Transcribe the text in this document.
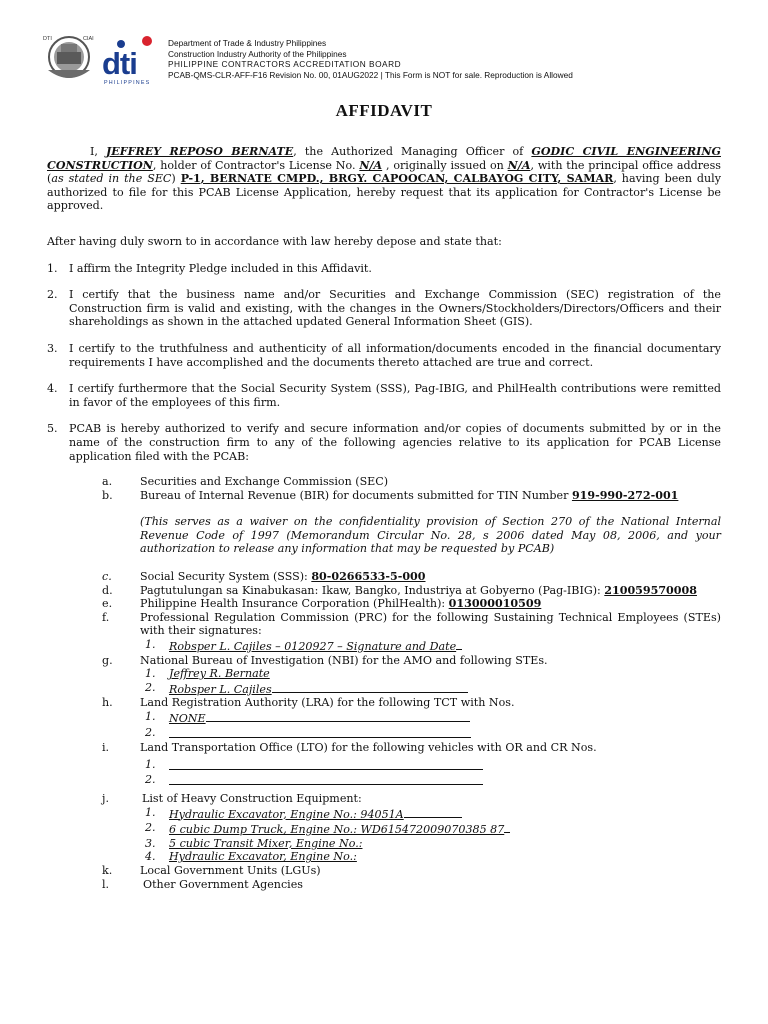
DTI	CIAI
dti
PHILIPPINES
Department of Trade & Industry Philippines
Construction Industry Authority of the Philippines
PHILIPPINE CONTRACTORS ACCREDITATION BOARD
PCAB-QMS-CLR-AFF-F16 Revision No. 00, 01AUG2022 | This Form is NOT for sale. Reproduction is Allowed
AFFIDAVIT

I, JEFFREY REPOSO BERNATE, the Authorized Managing Officer of GODIC CIVIL ENGINEERING CONSTRUCTION, holder of Contractor's License No. N/A , originally issued on N/A, with the principal office address (as stated in the SEC) P-1, BERNATE CMPD., BRGY. CAPOOCAN, CALBAYOG CITY, SAMAR, having been duly authorized to file for this PCAB License Application, hereby request that its application for Contractor's License be approved.

After having duly sworn to in accordance with law hereby depose and state that:

1. I affirm the Integrity Pledge included in this Affidavit.
2. I certify that the business name and/or Securities and Exchange Commission (SEC) registration of the Construction firm is valid and existing, with the changes in the Owners/Stockholders/Directors/Officers and their shareholdings as shown in the attached updated General Information Sheet (GIS).
3. I certify to the truthfulness and authenticity of all information/documents encoded in the financial documentary requirements I have accomplished and the documents thereto attached are true and correct.
4. I certify furthermore that the Social Security System (SSS), Pag-IBIG, and PhilHealth contributions were remitted in favor of the employees of this firm.
5. PCAB is hereby authorized to verify and secure information and/or copies of documents submitted by or in the name of the construction firm to any of the following agencies relative to its application for PCAB License application filed with the PCAB:
a.	Securities and Exchange Commission (SEC)
b. Bureau of Internal Revenue (BIR) for documents submitted for TIN Number 919-990-272-001

(This serves as a waiver on the confidentiality provision of Section 270 of the National Internal Revenue Code of 1997 (Memorandum Circular No. 28, s 2006 dated May 08, 2006, and your authorization to release any information that may be requested by PCAB)

c.	Social Security System (SSS): 80-0266533-5-000
d. Pagtutulungan sa Kinabukasan: Ikaw, Bangko, Industriya at Gobyerno (Pag-IBIG): 210059570008
e.	Philippine Health Insurance Corporation (PhilHealth): 013000010509
f.	Professional Regulation Commission (PRC) for the following Sustaining Technical Employees (STEs) with their signatures:
1. Robsper L. Cajiles – 0120927 – Signature and Date
g. National Bureau of Investigation (NBI) for the AMO and following STEs.
1. Jeffrey R. Bernate
2. Robsper L. Cajiles
h. Land Registration Authority (LRA) for the following TCT with Nos.
1. NONE
2.
i.	Land Transportation Office (LTO) for the following vehicles with OR and CR Nos.
1.
2.
j.	List of Heavy Construction Equipment:
1. Hydraulic Excavator, Engine No.: 94051A
2. 6 cubic Dump Truck, Engine No.: WD615472009070385 87
3. 5 cubic Transit Mixer, Engine No.:
4. Hydraulic Excavator, Engine No.:
k.	Local Government Units (LGUs)
l.	Other Government Agencies
